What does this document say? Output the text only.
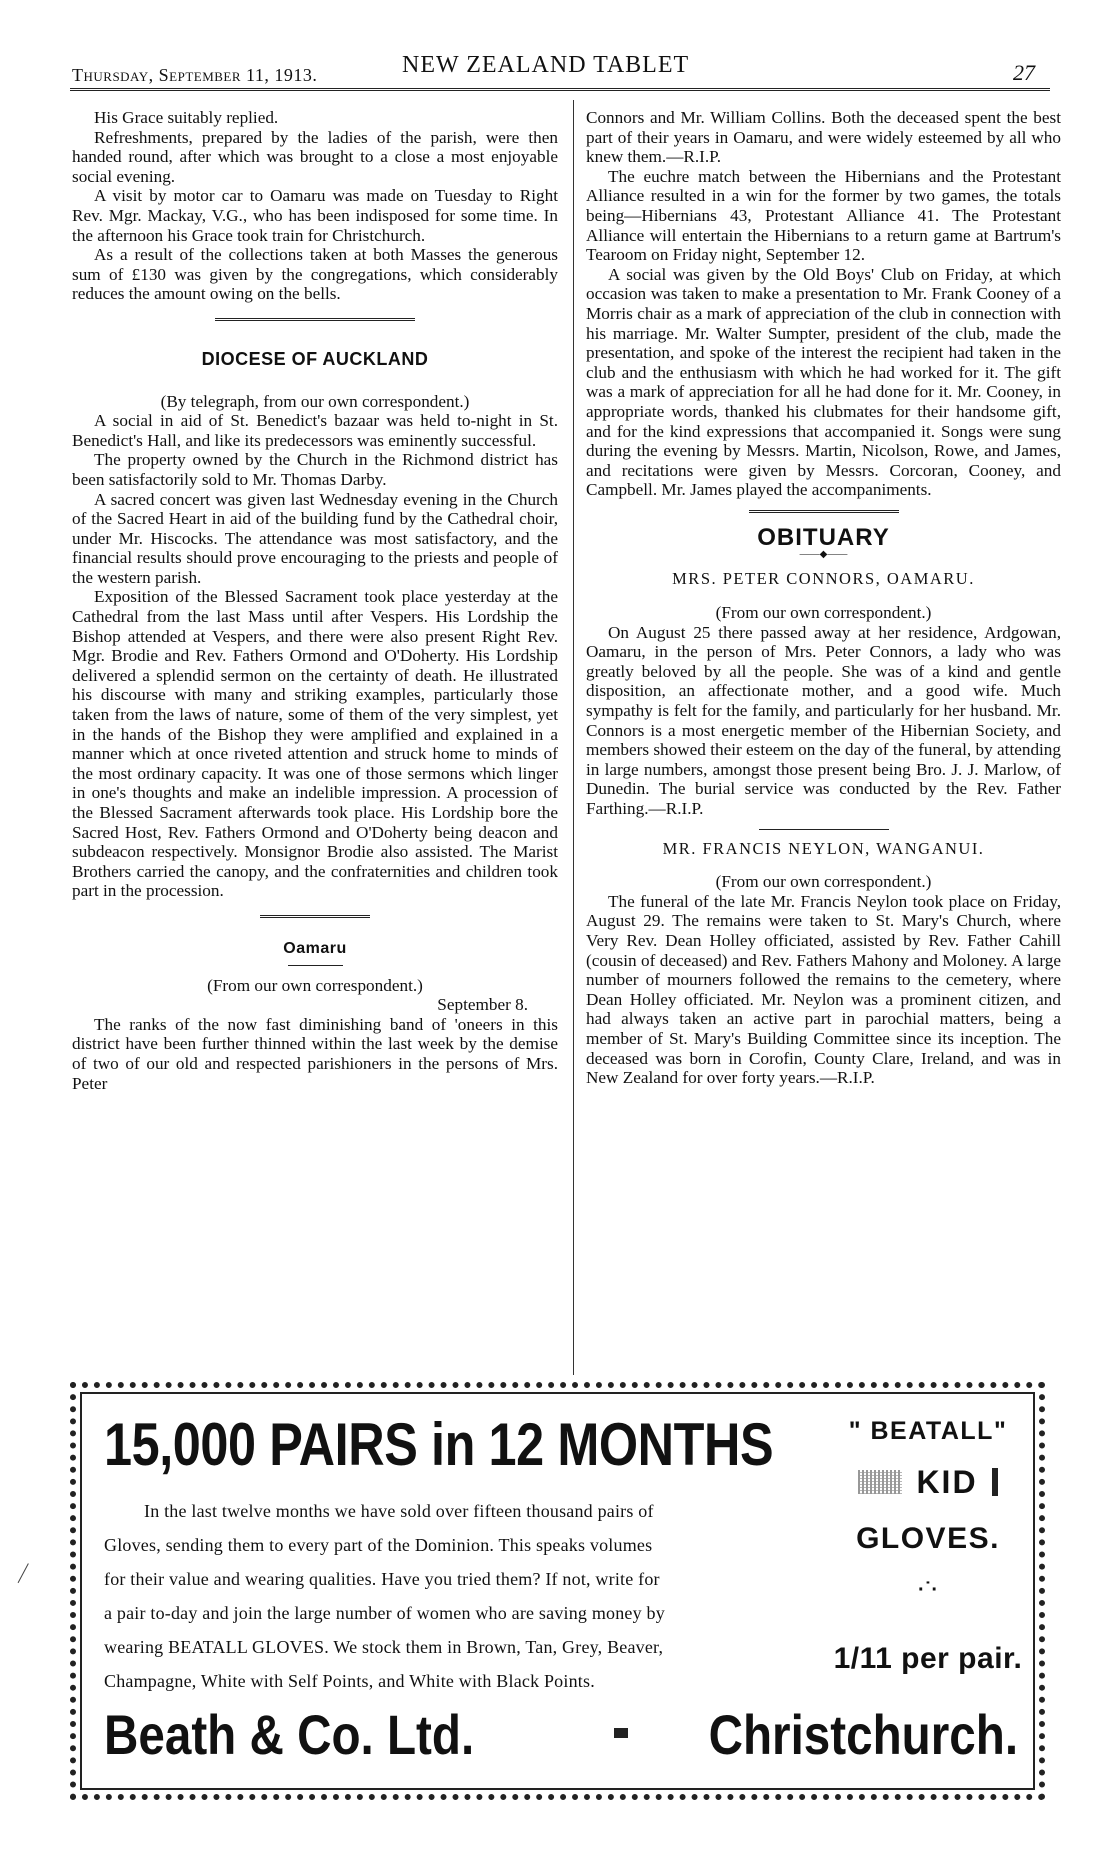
Thursday, September 11, 1913.	NEW ZEALAND TABLET	27

His Grace suitably replied.

Refreshments, prepared by the ladies of the parish, were then handed round, after which was brought to a close a most enjoyable social evening.

A visit by motor car to Oamaru was made on Tuesday to Right Rev. Mgr. Mackay, V.G., who has been indisposed for some time. In the afternoon his Grace took train for Christchurch.

As a result of the collections taken at both Masses the generous sum of £130 was given by the congregations, which considerably reduces the amount owing on the bells.

DIOCESE OF AUCKLAND

(By telegraph, from our own correspondent.)

A social in aid of St. Benedict's bazaar was held to-night in St. Benedict's Hall, and like its predecessors was eminently successful.

The property owned by the Church in the Richmond district has been satisfactorily sold to Mr. Thomas Darby.

A sacred concert was given last Wednesday evening in the Church of the Sacred Heart in aid of the building fund by the Cathedral choir, under Mr. Hiscocks. The attendance was most satisfactory, and the financial results should prove encouraging to the priests and people of the western parish.

Exposition of the Blessed Sacrament took place yesterday at the Cathedral from the last Mass until after Vespers. His Lordship the Bishop attended at Vespers, and there were also present Right Rev. Mgr. Brodie and Rev. Fathers Ormond and O'Doherty. His Lordship delivered a splendid sermon on the certainty of death. He illustrated his discourse with many and striking examples, particularly those taken from the laws of nature, some of them of the very simplest, yet in the hands of the Bishop they were amplified and explained in a manner which at once riveted attention and struck home to minds of the most ordinary capacity. It was one of those sermons which linger in one's thoughts and make an indelible impression. A procession of the Blessed Sacrament afterwards took place. His Lordship bore the Sacred Host, Rev. Fathers Ormond and O'Doherty being deacon and subdeacon respectively. Monsignor Brodie also assisted. The Marist Brothers carried the canopy, and the confraternities and children took part in the procession.

Oamaru

(From our own correspondent.)

September 8.

The ranks of the now fast diminishing band of 'oneers in this district have been further thinned within the last week by the demise of two of our old and respected parishioners in the persons of Mrs. Peter

Connors and Mr. William Collins. Both the deceased spent the best part of their years in Oamaru, and were widely esteemed by all who knew them.—R.I.P.

The euchre match between the Hibernians and the Protestant Alliance resulted in a win for the former by two games, the totals being—Hibernians 43, Protestant Alliance 41. The Protestant Alliance will entertain the Hibernians to a return game at Bartrum's Tearoom on Friday night, September 12.

A social was given by the Old Boys' Club on Friday, at which occasion was taken to make a presentation to Mr. Frank Cooney of a Morris chair as a mark of appreciation of the club in connection with his marriage. Mr. Walter Sumpter, president of the club, made the presentation, and spoke of the interest the recipient had taken in the club and the enthusiasm with which he had worked for it. The gift was a mark of appreciation for all he had done for it. Mr. Cooney, in appropriate words, thanked his clubmates for their handsome gift, and for the kind expressions that accompanied it. Songs were sung during the evening by Messrs. Martin, Nicolson, Rowe, and James, and recitations were given by Messrs. Corcoran, Cooney, and Campbell. Mr. James played the accompaniments.

OBITUARY
——◆——
MRS. PETER CONNORS, OAMARU.

(From our own correspondent.)

On August 25 there passed away at her residence, Ardgowan, Oamaru, in the person of Mrs. Peter Connors, a lady who was greatly beloved by all the people. She was of a kind and gentle disposition, an affectionate mother, and a good wife. Much sympathy is felt for the family, and particularly for her husband. Mr. Connors is a most energetic member of the Hibernian Society, and members showed their esteem on the day of the funeral, by attending in large numbers, amongst those present being Bro. J. J. Marlow, of Dunedin. The burial service was conducted by the Rev. Father Farthing.—R.I.P.

MR. FRANCIS NEYLON, WANGANUI.

(From our own correspondent.)

The funeral of the late Mr. Francis Neylon took place on Friday, August 29. The remains were taken to St. Mary's Church, where Very Rev. Dean Holley officiated, assisted by Rev. Father Cahill (cousin of deceased) and Rev. Fathers Mahony and Moloney. A large number of mourners followed the remains to the cemetery, where Dean Holley officiated. Mr. Neylon was a prominent citizen, and had always taken an active part in parochial matters, being a member of St. Mary's Building Committee since its inception. The deceased was born in Corofin, County Clare, Ireland, and was in New Zealand for over forty years.—R.I.P.

15,000 PAIRS in 12 MONTHS
In the last twelve months we have sold over fifteen thousand pairs of
Gloves, sending them to every part of the Dominion. This speaks volumes
for their value and wearing qualities. Have you tried them? If not, write for
a pair to-day and join the large number of women who are saving money by
wearing BEATALL GLOVES. We stock them in Brown, Tan, Grey, Beaver,
Champagne, White with Self Points, and White with Black Points.
" BEATALL"
KID
GLOVES.
·˙·
1/11 per pair.
Beath & Co. Ltd.	Christchurch.
